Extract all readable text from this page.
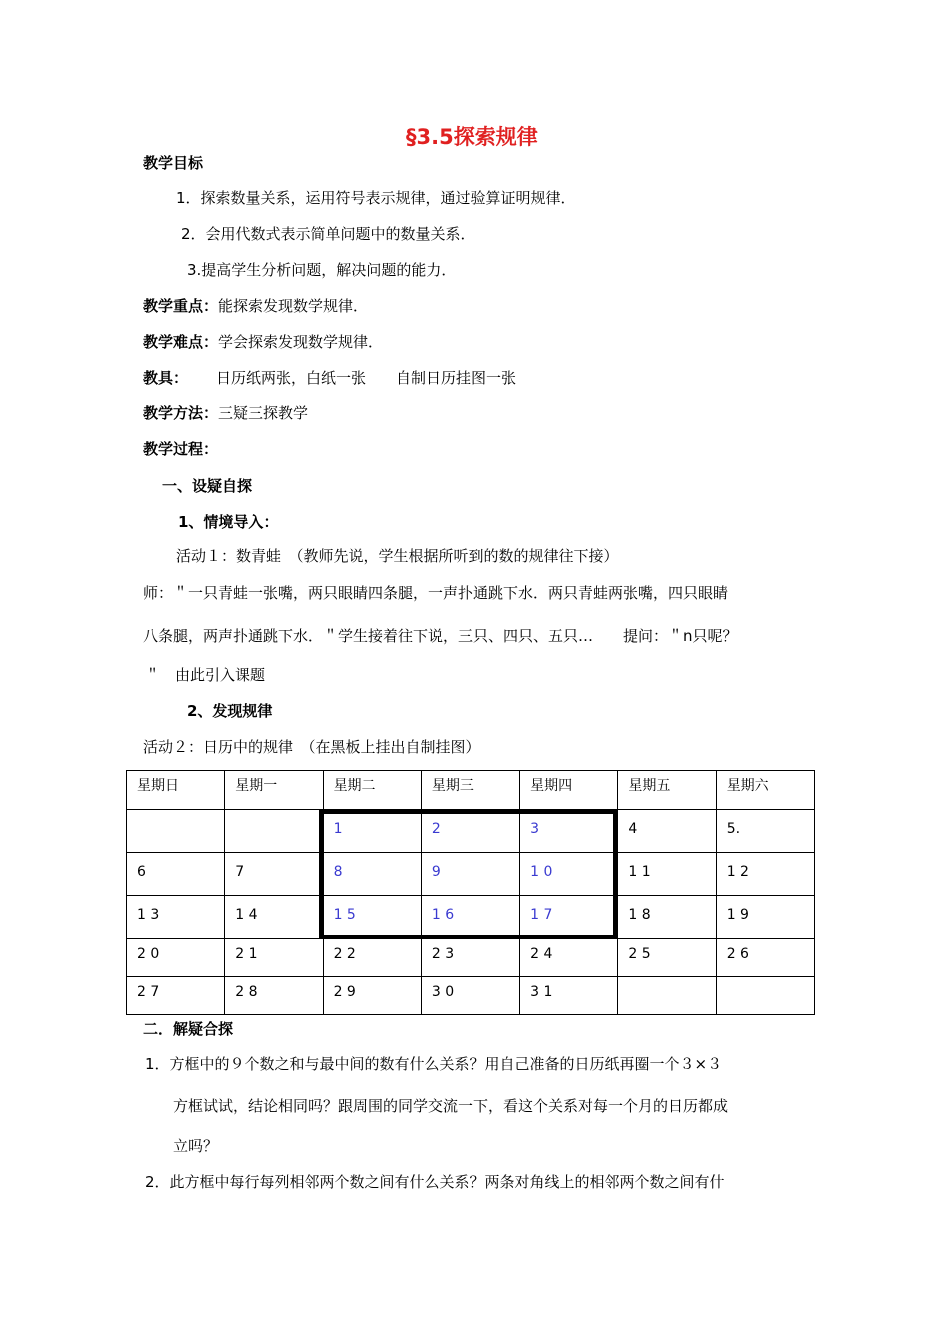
§3.5探索规律
教学目标
1．探索数量关系，运用符号表示规律，通过验算证明规律．
2．会用代数式表示简单问题中的数量关系．
3.提高学生分析问题，解决问题的能力．
教学重点：能探索发现数学规律．
教学难点：学会探索发现数学规律．
教具： 日历纸两张，白纸一张　　自制日历挂图一张
教学方法：三疑三探教学
教学过程：
一、设疑自探
1、情境导入：
活动１：数青蛙　（教师先说，学生根据所听到的数的规律往下接）
师：＂一只青蛙一张嘴，两只眼睛四条腿，一声扑通跳下水．两只青蛙两张嘴，四只眼睛
八条腿，两声扑通跳下水．＂学生接着往下说，三只、四只、五只…　　提问：＂n只呢？
＂　由此引入课题
2、发现规律
活动２：日历中的规律　（在黑板上挂出自制挂图）
星期日	星期一	星期二	星期三	星期四	星期五	星期六
		1	2	3	4	5.
6	7	8	9	1 0	1 1	1 2
1 3	1 4	1 5	1 6	1 7	1 8	1 9
2 0	2 1	2 2	2 3	2 4	2 5	2 6
2 7	2 8	2 9	3 0	3 1		
二．解疑合探
1．方框中的９个数之和与最中间的数有什么关系？用自己准备的日历纸再圈一个３×３
方框试试，结论相同吗？跟周围的同学交流一下，看这个关系对每一个月的日历都成
立吗？
2．此方框中每行每列相邻两个数之间有什么关系？两条对角线上的相邻两个数之间有什
